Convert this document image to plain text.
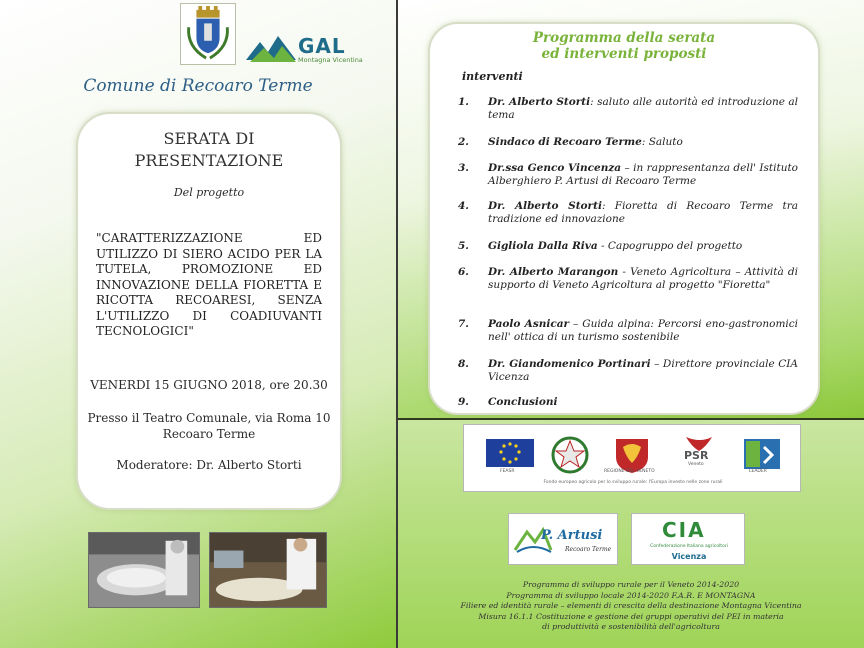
GAL
Montagna Vicentina
Comune di Recoaro Terme
SERATA DI
PRESENTAZIONE
Del progetto
"CARATTERIZZAZIONE ED UTILIZZO DI SIERO ACIDO PER LA TUTELA, PROMOZIONE ED INNOVAZIONE DELLA FIORETTA E RICOTTA RECOARESI, SENZA L'UTILIZZO DI COADIUVANTI TECNOLOGICI"
VENERDI 15 GIUGNO 2018, ore 20.30
Presso il Teatro Comunale, via Roma 10
Recoaro Terme
Moderatore: Dr. Alberto Storti
Programma della serata
ed interventi proposti
interventi
1.	Dr. Alberto Storti: saluto alle autorità ed introduzione al tema
2.	Sindaco di Recoaro Terme: Saluto
3.	Dr.ssa Genco Vincenza – in rappresentanza dell' Istituto Alberghiero P. Artusi di Recoaro Terme
4.	Dr. Alberto Storti: Fioretta di Recoaro Terme tra tradizione ed innovazione
5.	Gigliola Dalla Riva - Capogruppo del progetto
6.	Dr. Alberto Marangon - Veneto Agricoltura – Attività di supporto di Veneto Agricoltura al progetto "Fioretta"
7.	Paolo Asnicar – Guida alpina: Percorsi eno-gastronomici nell' ottica di un turismo sostenibile
8.	Dr. Giandomenico Portinari – Direttore provinciale CIA Vicenza
9.	Conclusioni
FEASR	REGIONE DEL VENETO
PSR
Veneto
LEADER
Fondo europeo agricolo per lo sviluppo rurale: l'Europa investe nelle zone rurali
P. Artusi
Recoaro Terme
CIA
Confederazione Italiana agricoltori
Vicenza
Programma di sviluppo rurale per il Veneto 2014-2020
Programma di sviluppo locale 2014-2020 F.A.R. E MONTAGNA
Filiere ed identità rurale – elementi di crescita della destinazione Montagna Vicentina
Misura 16.1.1 Costituzione e gestione dei gruppi operativi del PEI in materia
di produttività e sostenibilità dell'agricoltura
